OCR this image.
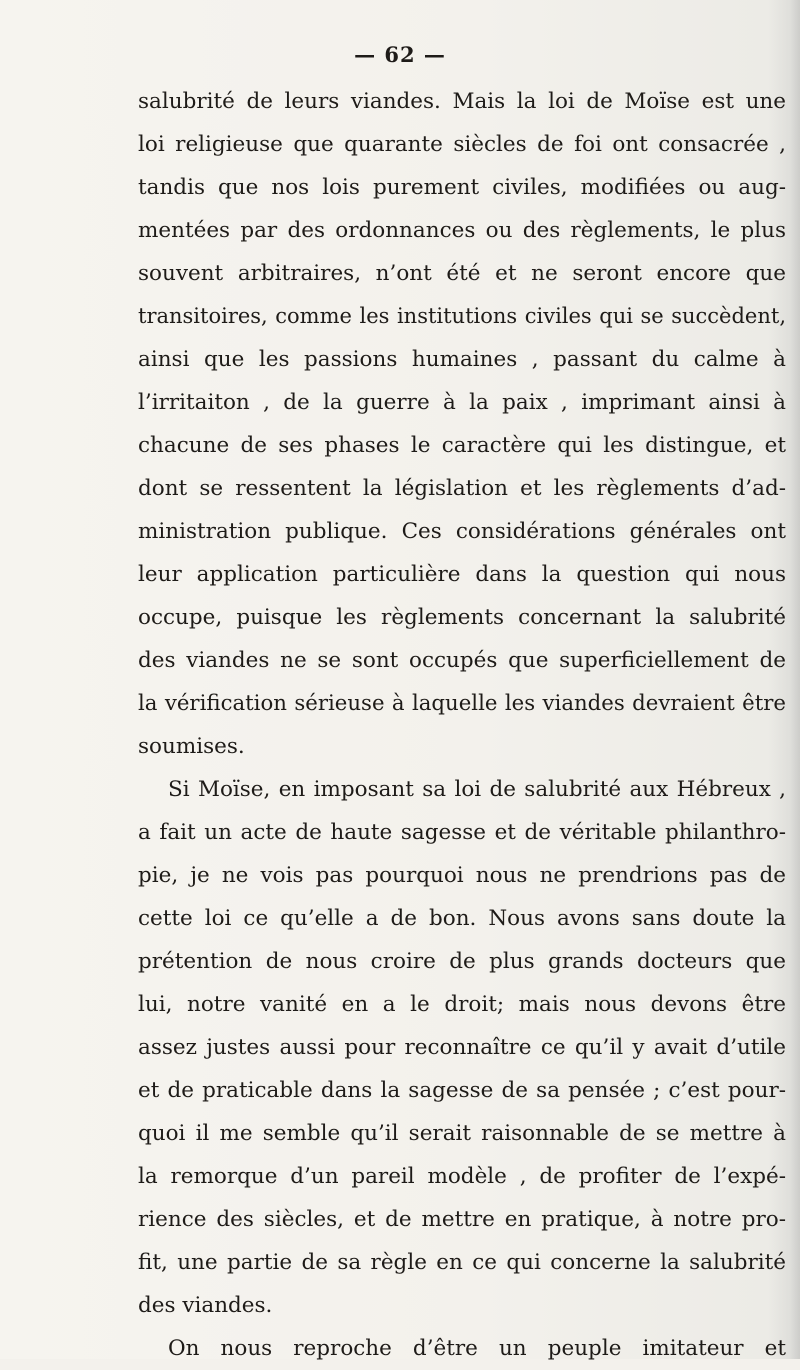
— 62 —
salubrité de leurs viandes. Mais la loi de Moïse est une
loi religieuse que quarante siècles de foi ont consacrée ,
tandis que nos lois purement civiles, modifiées ou aug-
mentées par des ordonnances ou des règlements, le plus
souvent arbitraires, n’ont été et ne seront encore que
transitoires, comme les institutions civiles qui se succèdent,
ainsi que les passions humaines , passant du calme à
l’irritaiton , de la guerre à la paix , imprimant ainsi à
chacune de ses phases le caractère qui les distingue, et
dont se ressentent la législation et les règlements d’ad-
ministration publique. Ces considérations générales ont
leur application particulière dans la question qui nous
occupe, puisque les règlements concernant la salubrité
des viandes ne se sont occupés que superficiellement de
la vérification sérieuse à laquelle les viandes devraient être
soumises.
Si Moïse, en imposant sa loi de salubrité aux Hébreux ,
a fait un acte de haute sagesse et de véritable philanthro-
pie, je ne vois pas pourquoi nous ne prendrions pas de
cette loi ce qu’elle a de bon. Nous avons sans doute la
prétention de nous croire de plus grands docteurs que
lui, notre vanité en a le droit; mais nous devons être
assez justes aussi pour reconnaître ce qu’il y avait d’utile
et de praticable dans la sagesse de sa pensée ; c’est pour-
quoi il me semble qu’il serait raisonnable de se mettre à
la remorque d’un pareil modèle , de profiter de l’expé-
rience des siècles, et de mettre en pratique, à notre pro-
fit, une partie de sa règle en ce qui concerne la salubrité
des viandes.
On nous reproche d’être un peuple imitateur et
